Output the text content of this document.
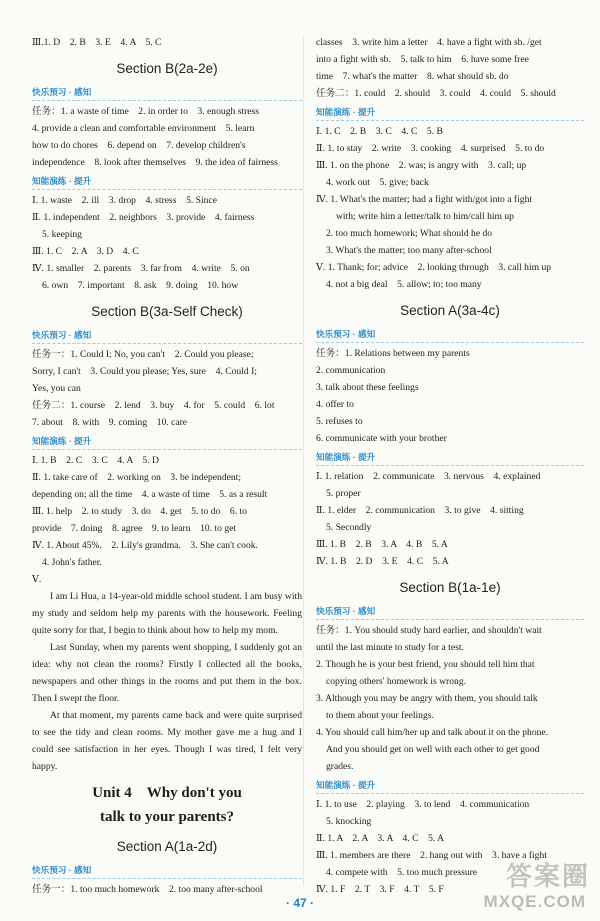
Ⅲ.1. D　2. B　3. E　4. A　5. C
Section B(2a-2e)
快乐预习 · 感知
任务：1. a waste of time　2. in order to　3. enough stress
4. provide a clean and comfortable environment　5. learn
how to do chores　6. depend on　7. develop children's
independence　8. look after themselves　9. the idea of fairness
知能演练 · 提升
Ⅰ. 1. waste　2. ill　3. drop　4. stress　5. Since
Ⅱ. 1. independent　2. neighbors　3. provide　4. fairness
5. keeping
Ⅲ. 1. C　2. A　3. D　4. C
Ⅳ. 1. smaller　2. parents　3. far from　4. write　5. on
6. own　7. important　8. ask　9. doing　10. how
Section B(3a-Self Check)
快乐预习 · 感知
任务一：1. Could I; No, you can't　2. Could you please;
Sorry, I can't　3. Could you please; Yes, sure　4. Could I;
Yes, you can
任务二：1. course　2. lend　3. buy　4. for　5. could　6. lot
7. about　8. with　9. coming　10. care
知能演练 · 提升
Ⅰ. 1. B　2. C　3. C　4. A　5. D
Ⅱ. 1. take care of　2. working on　3. be independent;
depending on; all the time　4. a waste of time　5. as a result
Ⅲ. 1. help　2. to study　3. do　4. get　5. to do　6. to
provide　7. doing　8. agree　9. to learn　10. to get
Ⅳ. 1. About 45%.　2. Lily's grandma.　3. She can't cook.
4. John's father.
Ⅴ.
I am Li Hua, a 14-year-old middle school student. I am busy with my study and seldom help my parents with the housework. Feeling quite sorry for that, I begin to think about how to help my mom.
Last Sunday, when my parents went shopping, I suddenly got an idea: why not clean the rooms? Firstly I collected all the books, newspapers and other things in the rooms and put them in the box. Then I swept the floor.
At that moment, my parents came back and were quite surprised to see the tidy and clean rooms. My mother gave me a hug and I could see satisfaction in her eyes. Though I was tired, I felt very happy.
Unit 4　Why don't you
talk to your parents?
Section A(1a-2d)
快乐预习 · 感知
任务一：1. too much homework　2. too many after-school
classes　3. write him a letter　4. have a fight with sb. /get
into a fight with sb.　5. talk to him　6. have some free
time　7. what's the matter　8. what should sb. do
任务二：1. could　2. should　3. could　4. could　5. should
知能演练 · 提升
Ⅰ. 1. C　2. B　3. C　4. C　5. B
Ⅱ. 1. to stay　2. write　3. cooking　4. surprised　5. to do
Ⅲ. 1. on the phone　2. was; is angry with　3. call; up
4. work out　5. give; back
Ⅳ. 1. What's the matter; had a fight with/got into a fight
with; write him a letter/talk to him/call him up
2. too much homework; What should he do
3. What's the matter; too many after-school
Ⅴ. 1. Thank; for; advice　2. looking through　3. call him up
4. not a big deal　5. allow; to; too many
Section A(3a-4c)
快乐预习 · 感知
任务：1. Relations between my parents
2. communication
3. talk about these feelings
4. offer to
5. refuses to
6. communicate with your brother
知能演练 · 提升
Ⅰ. 1. relation　2. communicate　3. nervous　4. explained
5. proper
Ⅱ. 1. elder　2. communication　3. to give　4. sitting
5. Secondly
Ⅲ. 1. B　2. B　3. A　4. B　5. A
Ⅳ. 1. B　2. D　3. E　4. C　5. A
Section B(1a-1e)
快乐预习 · 感知
任务：1. You should study hard earlier, and shouldn't wait
until the last minute to study for a test.
2. Though he is your best friend, you should tell him that
copying others' homework is wrong.
3. Although you may be angry with them, you should talk
to them about your feelings.
4. You should call him/her up and talk about it on the phone.
And you should get on well with each other to get good
grades.
知能演练 · 提升
Ⅰ. 1. to use　2. playing　3. to lend　4. communication
5. knocking
Ⅱ. 1. A　2. A　3. A　4. C　5. A
Ⅲ. 1. members are there　2. hang out with　3. have a fight
4. compete with　5. too much pressure
Ⅳ. 1. F　2. T　3. F　4. T　5. F
· 47 ·
答案圈
MXQE.COM
